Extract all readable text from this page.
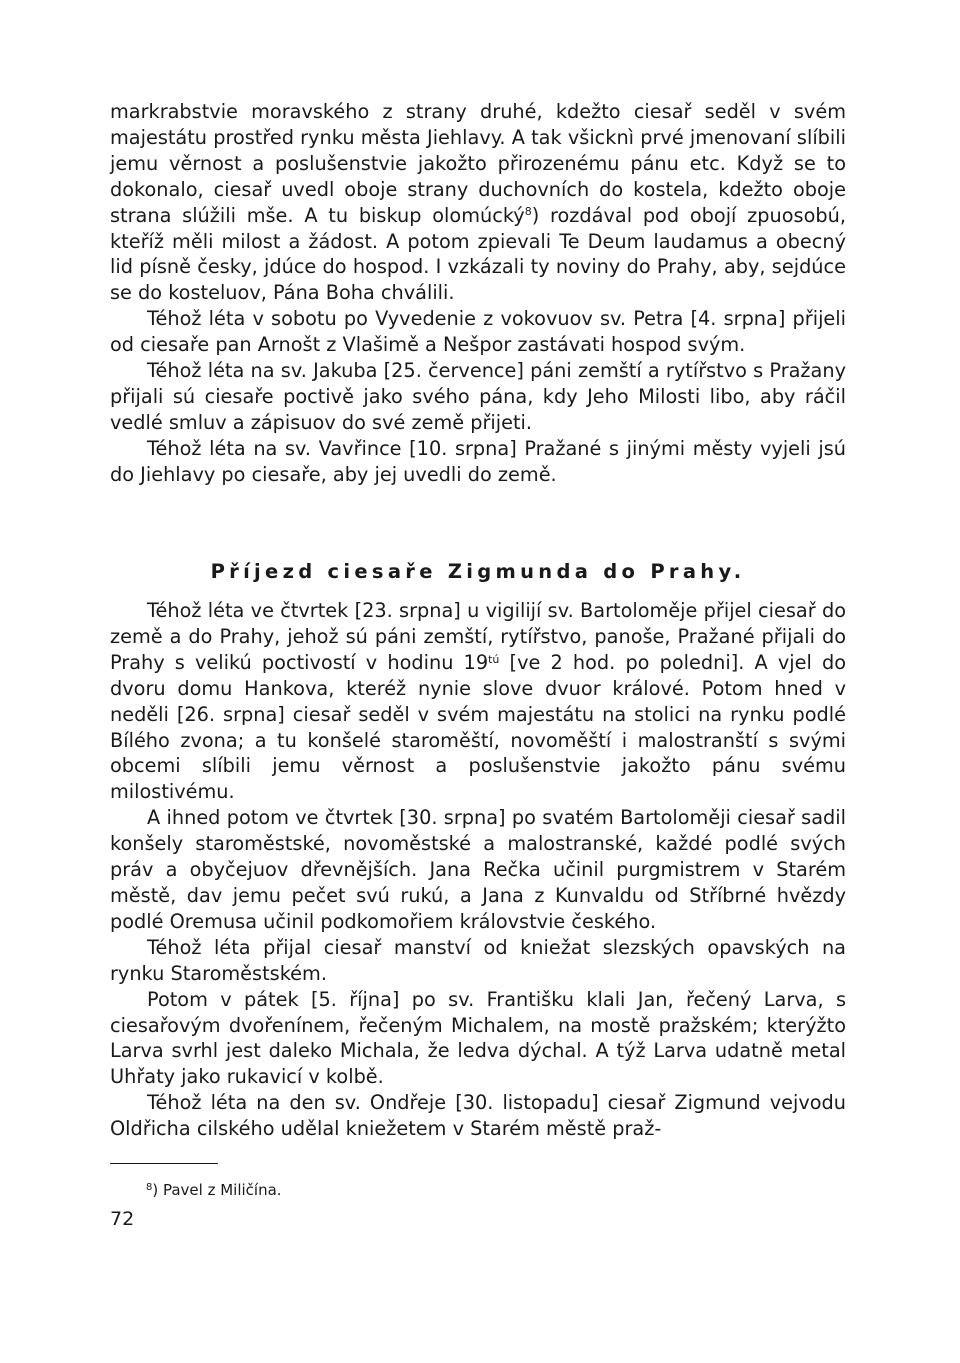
markrabstvie moravského z strany druhé, kdežto ciesař seděl v svém majestátu prostřed rynku města Jiehlavy. A tak všicknì prvé jmenovaní slíbili jemu věrnost a poslušenstvie jakožto přirozenému pánu etc. Když se to dokonalo, ciesař uvedl oboje strany duchovních do kostela, kdežto oboje strana slúžili mše. A tu biskup olomúcký$^8$) rozdával pod obojí zpuosobú, kteříž měli milost a žádost. A potom zpievali Te Deum laudamus a obecný lid písně česky, jdúce do hospod. I vzkázali ty noviny do Prahy, aby, sejdúce se do kosteluov, Pána Boha chválili.

Téhož léta v sobotu po Vyvedenie z vokovuov sv. Petra [4. srpna] přijeli od ciesaře pan Arnošt z Vlašimě a Nešpor zastávati hospod svým.

Téhož léta na sv. Jakuba [25. července] páni zemští a rytířstvo s Pražany přijali sú ciesaře poctivě jako svého pána, kdy Jeho Milosti libo, aby ráčil vedlé smluv a zápisuov do své země přijeti.

Téhož léta na sv. Vavřince [10. srpna] Pražané s jinými městy vyjeli jsú do Jiehlavy po ciesaře, aby jej uvedli do země.

Příjezd ciesaře Zigmunda do Prahy.

Téhož léta ve čtvrtek [23. srpna] u vigilijí sv. Bartoloměje přijel ciesař do země a do Prahy, jehož sú páni zemští, rytířstvo, panoše, Pražané přijali do Prahy s velikú poctivostí v hodinu $19^{tú}$ [ve 2 hod. po poledni]. A vjel do dvoru domu Hankova, kteréž nynie slove dvuor králové. Potom hned v neděli [26. srpna] ciesař seděl v svém majestátu na stolici na rynku podlé Bílého zvona; a tu konšelé staroměští, novoměští i malostranští s svými obcemi slíbili jemu věrnost a poslušenstvie jakožto pánu svému milostivému.

A ihned potom ve čtvrtek [30. srpna] po svatém Bartoloměji ciesař sadil konšely staroměstské, novoměstské a malostranské, každé podlé svých práv a obyčejuov dřevnějších. Jana Rečka učinil purgmistrem v Starém městě, dav jemu pečet svú rukú, a Jana z Kunvaldu od Stříbrné hvězdy podlé Oremusa učinil podkomořiem královstvie českého.

Téhož léta přijal ciesař manství od kniežat slezských opavských na rynku Staroměstském.

Potom v pátek [5. října] po sv. Františku klali Jan, řečený Larva, s ciesařovým dvořenínem, řečeným Michalem, na mostě pražském; kterýžto Larva svrhl jest daleko Michala, že ledva dýchal. A týž Larva udatně metal Uhřaty jako rukavicí v kolbě.

Téhož léta na den sv. Ondřeje [30. listopadu] ciesař Zigmund vejvodu Oldřicha cilského udělal kniežetem v Starém městě praž-

$^8$) Pavel z Miličína.
72
